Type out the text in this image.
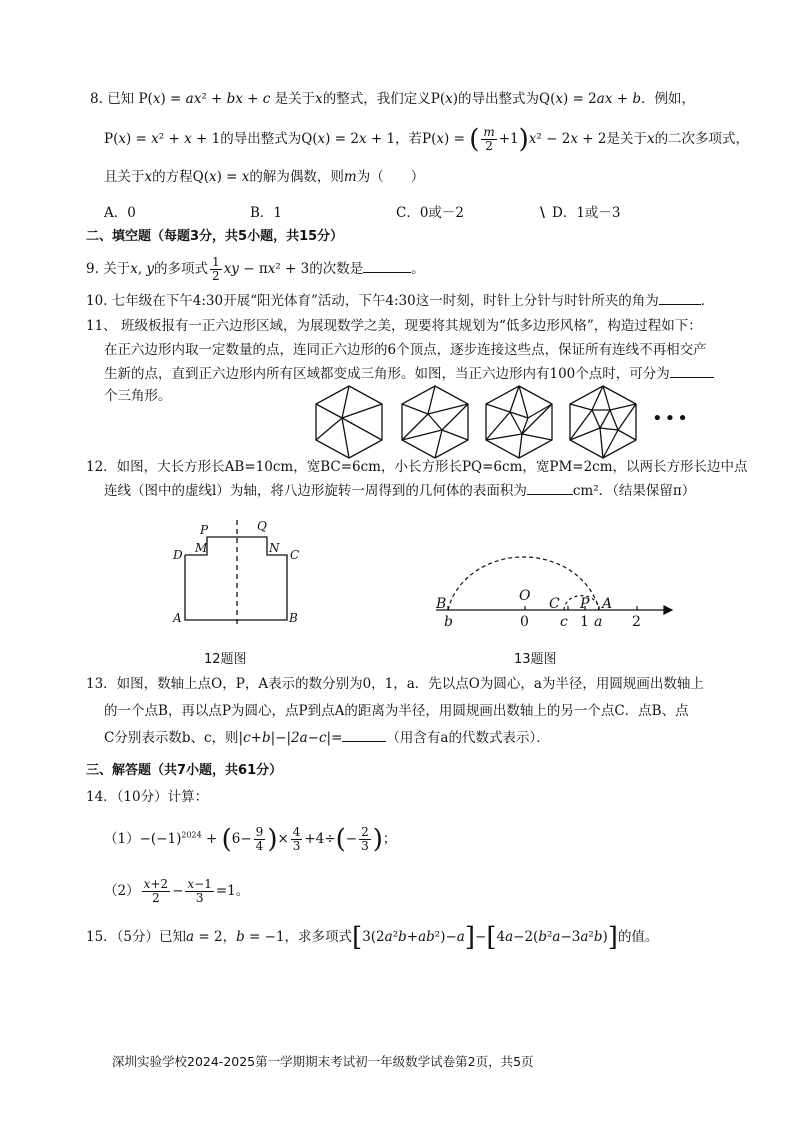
8. 已知 P(x) = ax² + bx + c 是关于x的整式，我们定义P(x)的导出整式为Q(x) = 2ax + b．例如，
P(x) = x² + x + 1的导出整式为Q(x) = 2x + 1，若P(x) = ( $\frac{m}{2} +1)x^2 - 2x + 2$是关于x的二次多项式，
且关于x的方程Q(x) = x的解为偶数，则m为（　　）
A．0	B．1	C．0或－2	\ D．1或－3
二、填空题（每题3分，共5小题，共15分）
9. 关于x, y的多项式 $\frac{1}{2}$ xy − πx² + 3的次数是	。
10. 七年级在下午4:30开展“阳光体育”活动，下午4:30这一时刻，时针上分针与时针所夹的角为	．
11、 班级板报有一正六边形区域，为展现数学之美，现要将其规划为“低多边形风格”，构造过程如下：
在正六边形内取一定数量的点，连同正六边形的6个顶点，逐步连接这些点，保证所有连线不再相交产
生新的点，直到正六边形内所有区域都变成三角形。如图，当正六边形内有100个点时，可分为
个三角形。
•••
12．如图，大长方形长AB=10cm，宽BC=6cm，小长方形长PQ=6cm，宽PM=2cm，以两长方形长边中点
连线（图中的虚线l）为轴，将八边形旋转一周得到的几何体的表面积为	cm²．（结果保留π）
P	Q
M	N
D	C
A	B
12题图
B	O C P A
b	c a
0	1	2
13题图
13．如图，数轴上点O，P，A表示的数分别为0，1，a．先以点O为圆心，a为半径，用圆规画出数轴上
的一个点B，再以点P为圆心，点P到点A的距离为半径，用圆规画出数轴上的另一个点C．点B、点
C分别表示数b、c，则|c+b|−|2a−c|=	（用含有a的代数式表示）．
三、解答题（共7小题，共61分）
14．（10分）计算：
$(1)-(-1)^{2024} + (6- \frac{9}{4}$ )× $\frac{4}{3} +4\div(- \frac{2}{3}$ )；
$(2) \frac{x+2}{2} - \frac{x-1}{3} =1$。
15．（5分）已知a = 2，b = −1，求多项式[3(2a²b+ab²)−a]−[4a−2(b²a−3a²b)]的值。
深圳实验学校2024-2025第一学期期末考试初一年级数学试卷第2页，共5页
